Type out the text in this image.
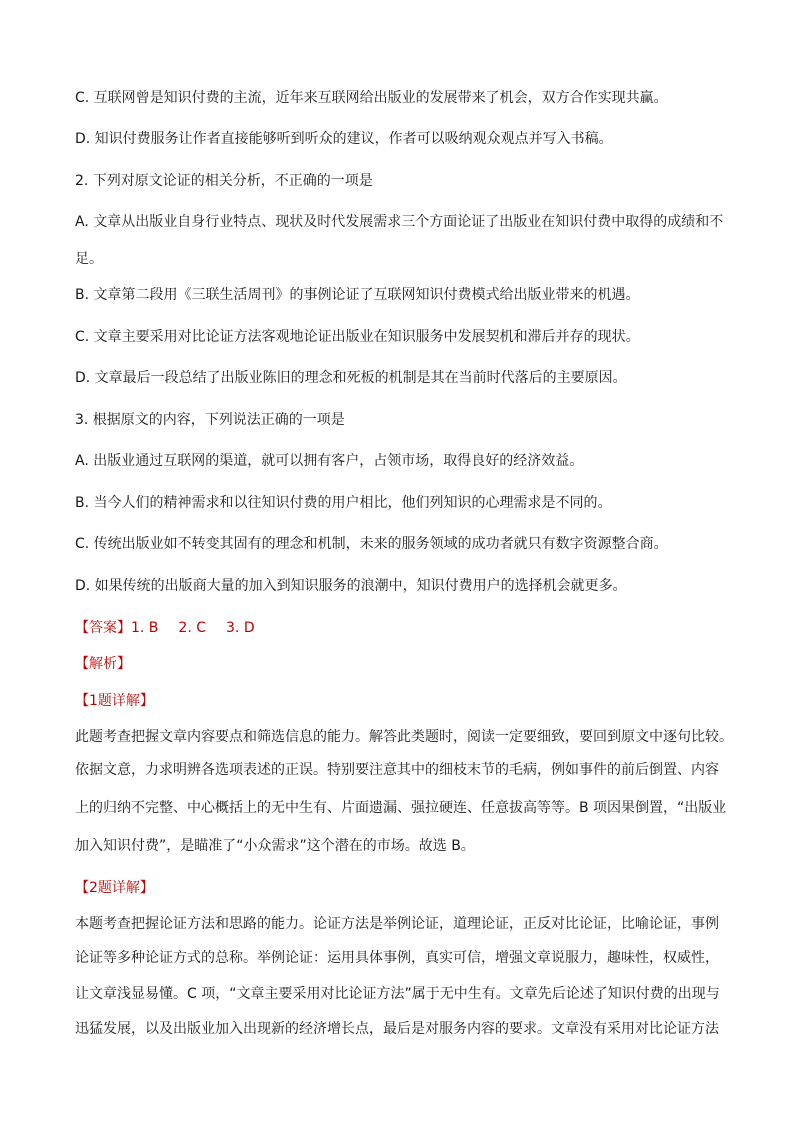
C. 互联网曾是知识付费的主流，近年来互联网给出版业的发展带来了机会，双方合作实现共赢。
D. 知识付费服务让作者直接能够听到听众的建议，作者可以吸纳观众观点并写入书稿。
2. 下列对原文论证的相关分析，不正确的一项是
A. 文章从出版业自身行业特点、现状及时代发展需求三个方面论证了出版业在知识付费中取得的成绩和不
足。
B. 文章第二段用《三联生活周刊》的事例论证了互联网知识付费模式给出版业带来的机遇。
C. 文章主要采用对比论证方法客观地论证出版业在知识服务中发展契机和滞后并存的现状。
D. 文章最后一段总结了出版业陈旧的理念和死板的机制是其在当前时代落后的主要原因。
3. 根据原文的内容，下列说法正确的一项是
A. 出版业通过互联网的渠道，就可以拥有客户，占领市场，取得良好的经济效益。
B. 当今人们的精神需求和以往知识付费的用户相比，他们列知识的心理需求是不同的。
C. 传统出版业如不转变其固有的理念和机制，未来的服务领域的成功者就只有数字资源整合商。
D. 如果传统的出版商大量的加入到知识服务的浪潮中，知识付费用户的选择机会就更多。
【答案】1. B 2. C 3. D
【解析】
【1题详解】
此题考查把握文章内容要点和筛选信息的能力。解答此类题时，阅读一定要细致，要回到原文中逐句比较。
依据文意，力求明辨各选项表述的正误。特别要注意其中的细枝末节的毛病，例如事件的前后倒置、内容
上的归纳不完整、中心概括上的无中生有、片面遗漏、强拉硬连、任意拔高等等。B 项因果倒置，“出版业
加入知识付费”，是瞄准了“小众需求”这个潜在的市场。故选 B。
【2题详解】
本题考查把握论证方法和思路的能力。论证方法是举例论证，道理论证，正反对比论证，比喻论证，事例
论证等多种论证方式的总称。举例论证：运用具体事例，真实可信，增强文章说服力，趣味性，权威性，
让文章浅显易懂。C 项，“文章主要采用对比论证方法”属于无中生有。文章先后论述了知识付费的出现与
迅猛发展，以及出版业加入出现新的经济增长点，最后是对服务内容的要求。文章没有采用对比论证方法
